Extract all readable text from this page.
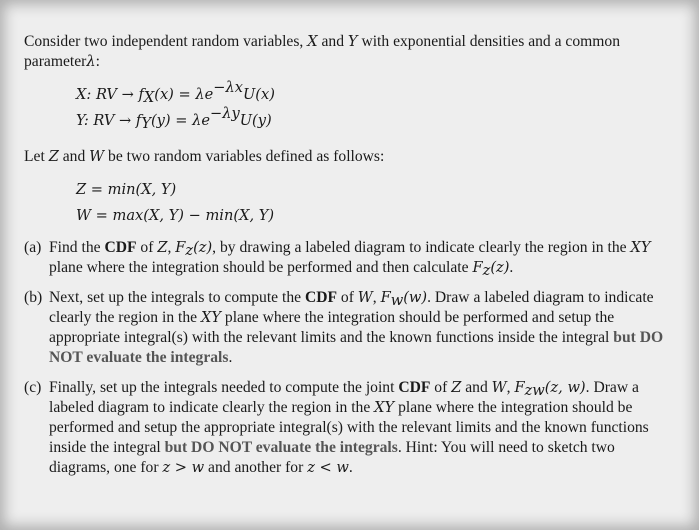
Consider two independent random variables, X and Y with exponential densities and a common parameterλ:

X: RV → $f_X(x) = \lambda e^{-\lambda x}U(x)$

Y: RV → $f_Y(y) = \lambda e^{-\lambda y}U(y)$

Let Z and W be two random variables defined as follows:

Z = min(X, Y)

W = max(X, Y) − min(X, Y)

(a) Find the CDF of Z, $F_z(z)$, by drawing a labeled diagram to indicate clearly the region in the XY plane where the integration should be performed and then calculate $F_z(z)$.
(b) Next, set up the integrals to compute the CDF of W, $F_w(w)$. Draw a labeled diagram to indicate clearly the region in the XY plane where the integration should be performed and setup the appropriate integral(s) with the relevant limits and the known functions inside the integral but DO NOT evaluate the integrals.
(c) Finally, set up the integrals needed to compute the joint CDF of Z and W, $F_{zw}(z$, w). Draw a labeled diagram to indicate clearly the region in the XY plane where the integration should be performed and setup the appropriate integral(s) with the relevant limits and the known functions inside the integral but DO NOT evaluate the integrals. Hint: You will need to sketch two diagrams, one for z > w and another for z < w.
